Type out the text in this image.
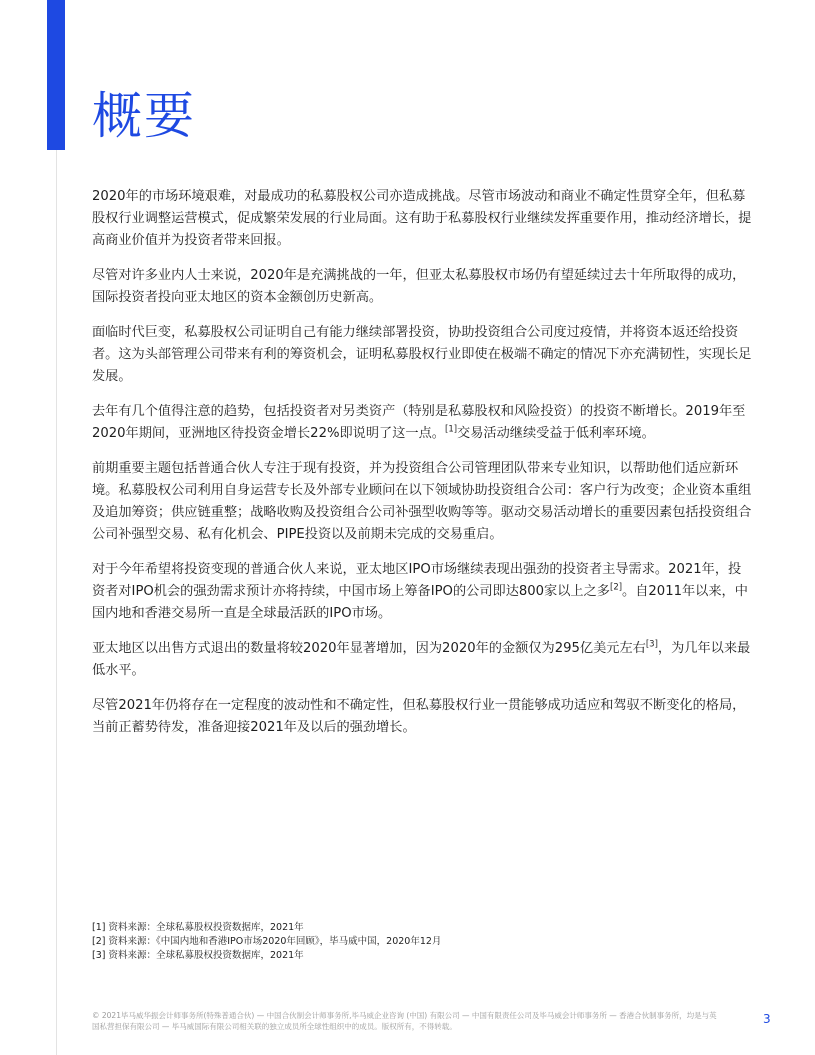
概要

2020年的市场环境艰难，对最成功的私募股权公司亦造成挑战。尽管市场波动和商业不确定性贯穿全年，但私募股权行业调整运营模式，促成繁荣发展的行业局面。这有助于私募股权行业继续发挥重要作用，推动经济增长，提高商业价值并为投资者带来回报。

尽管对许多业内人士来说，2020年是充满挑战的一年，但亚太私募股权市场仍有望延续过去十年所取得的成功，国际投资者投向亚太地区的资本金额创历史新高。

面临时代巨变，私募股权公司证明自己有能力继续部署投资，协助投资组合公司度过疫情，并将资本返还给投资者。这为头部管理公司带来有利的筹资机会，证明私募股权行业即使在极端不确定的情况下亦充满韧性，实现长足发展。

去年有几个值得注意的趋势，包括投资者对另类资产（特别是私募股权和风险投资）的投资不断增长。2019年至2020年期间，亚洲地区待投资金增长22%即说明了这一点。[1]交易活动继续受益于低利率环境。

前期重要主题包括普通合伙人专注于现有投资，并为投资组合公司管理团队带来专业知识，以帮助他们适应新环境。私募股权公司利用自身运营专长及外部专业顾问在以下领域协助投资组合公司：客户行为改变；企业资本重组及追加筹资；供应链重整；战略收购及投资组合公司补强型收购等等。驱动交易活动增长的重要因素包括投资组合公司补强型交易、私有化机会、PIPE投资以及前期未完成的交易重启。

对于今年希望将投资变现的普通合伙人来说，亚太地区IPO市场继续表现出强劲的投资者主导需求。2021年，投资者对IPO机会的强劲需求预计亦将持续，中国市场上筹备IPO的公司即达800家以上之多[2]。自2011年以来，中国内地和香港交易所一直是全球最活跃的IPO市场。

亚太地区以出售方式退出的数量将较2020年显著增加，因为2020年的金额仅为295亿美元左右[3]，为几年以来最低水平。

尽管2021年仍将存在一定程度的波动性和不确定性，但私募股权行业一贯能够成功适应和驾驭不断变化的格局，当前正蓄势待发，准备迎接2021年及以后的强劲增长。

[1] 资料来源：全球私募股权投资数据库，2021年

[2] 资料来源：《中国内地和香港IPO市场2020年回顾》，毕马威中国，2020年12月

[3] 资料来源：全球私募股权投资数据库，2021年

© 2021毕马威华振会计师事务所(特殊普通合伙) — 中国合伙制会计师事务所,毕马威企业咨询 (中国) 有限公司 — 中国有限责任公司及毕马威会计师事务所 — 香港合伙制事务所，均是与英国私营担保有限公司 — 毕马威国际有限公司相关联的独立成员所全球性组织中的成员。版权所有，不得转载。

3
